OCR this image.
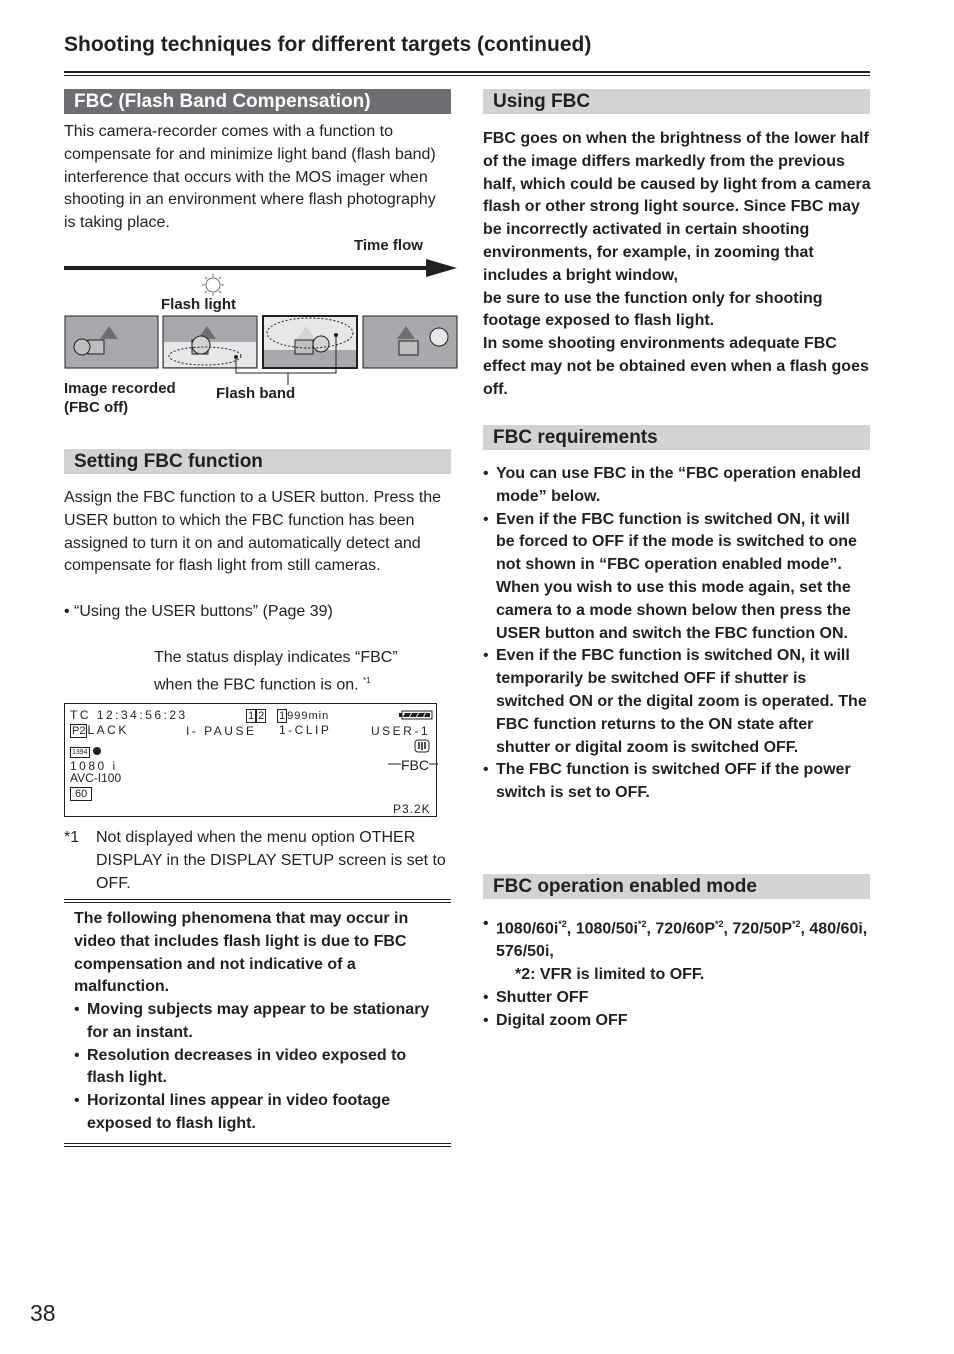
Shooting techniques for different targets (continued)
FBC (Flash Band Compensation)

This camera-recorder comes with a function to compensate for and minimize light band (flash band) interference that occurs with the MOS imager when shooting in an environment where flash photography is taking place.

Time flow
Flash light
Image recorded (FBC off)
Flash band
Setting FBC function

Assign the FBC function to a USER button. Press the USER button to which the FBC function has been assigned to turn it on and automatically detect and compensate for flash light from still cameras.

• “Using the USER buttons” (Page 39)
The status display indicates “FBC” when the FBC function is on. $^{*1}$
TC 12:34:56:23	1 2 1 999min
P2 LACK	I- PAUSE 1-CLIP	USER-1
1394
1080 i
AVC-I100
60
P3.2K
FBC
*1 Not displayed when the menu option OTHER DISPLAY in the DISPLAY SETUP screen is set to OFF.

The following phenomena that may occur in video that includes flash light is due to FBC compensation and not indicative of a malfunction.

• Moving subjects may appear to be stationary for an instant.
• Resolution decreases in video exposed to flash light.
• Horizontal lines appear in video footage exposed to flash light.
Using FBC
FBC goes on when the brightness of the lower half of the image differs markedly from the previous half, which could be caused by light from a camera flash or other strong light source. Since FBC may be incorrectly activated in certain shooting environments, for example, in zooming that includes a bright window,
be sure to use the function only for shooting footage exposed to flash light.
In some shooting environments adequate FBC effect may not be obtained even when a flash goes off.
FBC requirements
• You can use FBC in the “FBC operation enabled mode” below.
• Even if the FBC function is switched ON, it will be forced to OFF if the mode is switched to one not shown in “FBC operation enabled mode”.
When you wish to use this mode again, set the camera to a mode shown below then press the USER button and switch the FBC function ON.
• Even if the FBC function is switched ON, it will temporarily be switched OFF if shutter is switched ON or the digital zoom is operated. The FBC function returns to the ON state after shutter or digital zoom is switched OFF.
• The FBC function is switched OFF if the power switch is set to OFF.
FBC operation enabled mode
• $1080/60i^{*2}$, $1080/50i^{*2}$, $720/60P^{*2}$, $720/50P^{*2}$, 480/60i, 576/50i,
*2: VFR is limited to OFF.
• Shutter OFF
• Digital zoom OFF
38
